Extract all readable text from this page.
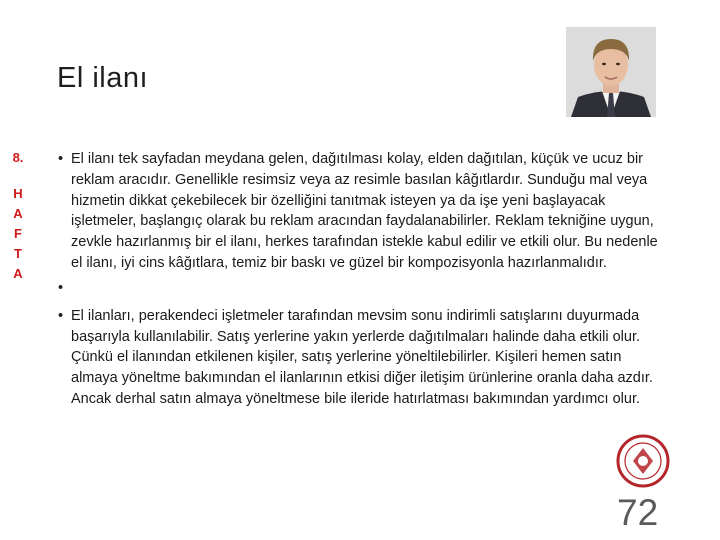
El ilanı
8.
H
A
F
T
A
• El ilanı tek sayfadan meydana gelen, dağıtılması kolay, elden dağıtılan, küçük ve ucuz bir reklam aracıdır. Genellikle resimsiz veya az resimle basılan kâğıtlardır. Sunduğu mal veya hizmetin dikkat çekebilecek bir özelliğini tanıtmak isteyen ya da işe yeni başlayacak işletmeler, başlangıç olarak bu reklam aracından faydalanabilirler. Reklam tekniğine uygun, zevkle hazırlanmış bir el ilanı, herkes tarafından istekle kabul edilir ve etkili olur. Bu nedenle el ilanı, iyi cins kâğıtlara, temiz bir baskı ve güzel bir kompozisyonla hazırlanmalıdır.
•
• El ilanları, perakendeci işletmeler tarafından mevsim sonu indirimli satışlarını duyurmada başarıyla kullanılabilir. Satış yerlerine yakın yerlerde dağıtılmaları halinde daha etkili olur. Çünkü el ilanından etkilenen kişiler, satış yerlerine yöneltilebilirler. Kişileri hemen satın almaya yöneltme bakımından el ilanlarının etkisi diğer iletişim ürünlerine oranla daha azdır. Ancak derhal satın almaya yöneltmese bile ileride hatırlatması bakımından yardımcı olur.
72
